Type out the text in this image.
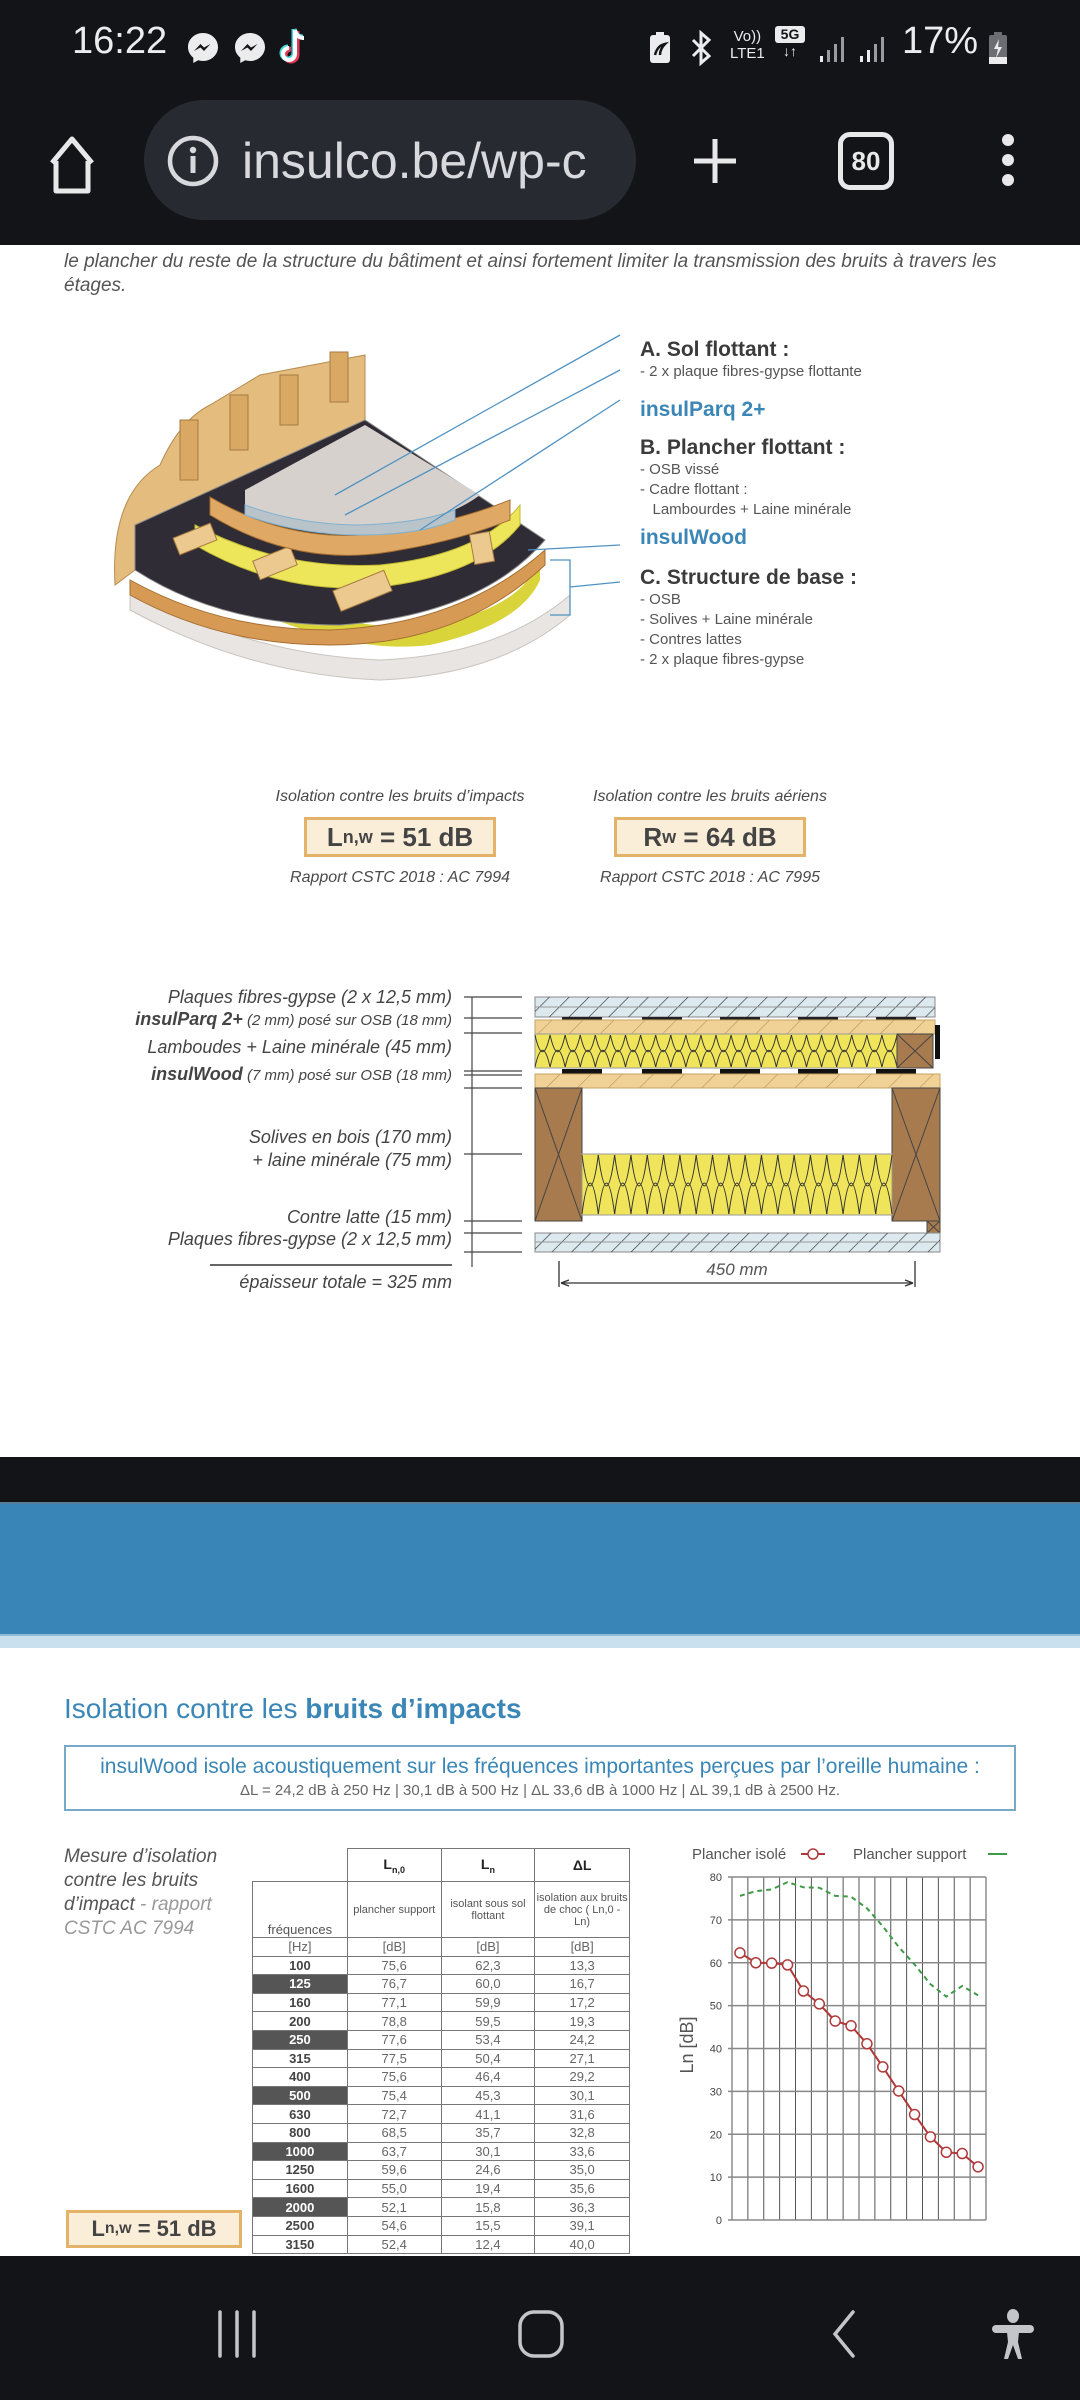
16:22	Vo))
LTE1
5G
↓↑	17%
insulco.be/wp-c	80
le plancher du reste de la structure du bâtiment et ainsi fortement limiter la transmission des bruits à travers les étages.
A. Sol flottant :
- 2 x plaque fibres-gypse flottante
insulParq 2+
B. Plancher flottant :
- OSB vissé
- Cadre flottant :
Lambourdes + Laine minérale
insulWood
C. Structure de base :
- OSB
- Solives + Laine minérale
- Contres lattes
- 2 x plaque fibres-gypse
Isolation contre les bruits d’impacts
L n,w
= 51 dB
Rapport CSTC 2018 : AC 7994
Isolation contre les bruits aériens
R w
= 64 dB
Rapport CSTC 2018 : AC 7995
Plaques fibres-gypse (2 x 12,5 mm)
insulParq 2+ (2 mm) posé sur OSB (18 mm)
Lamboudes + Laine minérale (45 mm)
insulWood (7 mm) posé sur OSB (18 mm)
Solives en bois (170 mm)
+ laine minérale (75 mm)
Contre latte (15 mm)
Plaques fibres-gypse (2 x 12,5 mm)
épaisseur totale = 325 mm
450 mm
Isolation contre les bruits d’impacts
insulWood isole acoustiquement sur les fréquences importantes perçues par l’oreille humaine :
ΔL = 24,2 dB à 250 Hz | 30,1 dB à 500 Hz | ΔL 33,6 dB à 1000 Hz | ΔL 39,1 dB à 2500 Hz.
Mesure d’isolation contre les bruits d’impact - rapport CSTC AC 7994
L n,w
= 51 dB
	$L_{n,0}$	$L_n$	ΔL
fréquences	plancher support	isolant sous sol flottant	isolation aux bruits de choc ( Ln,0 - Ln)
[Hz]	[dB]	[dB]	[dB]
100	75,6	62,3	13,3
125	76,7	60,0	16,7
160	77,1	59,9	17,2
200	78,8	59,5	19,3
250	77,6	53,4	24,2
315	77,5	50,4	27,1
400	75,6	46,4	29,2
500	75,4	45,3	30,1
630	72,7	41,1	31,6
800	68,5	35,7	32,8
1000	63,7	30,1	33,6
1250	59,6	24,6	35,0
1600	55,0	19,4	35,6
2000	52,1	15,8	36,3
2500	54,6	15,5	39,1
3150	52,4	12,4	40,0
Plancher isolé	Plancher support
0
10
20
30
40
50
60
70
80
Ln [dB]
